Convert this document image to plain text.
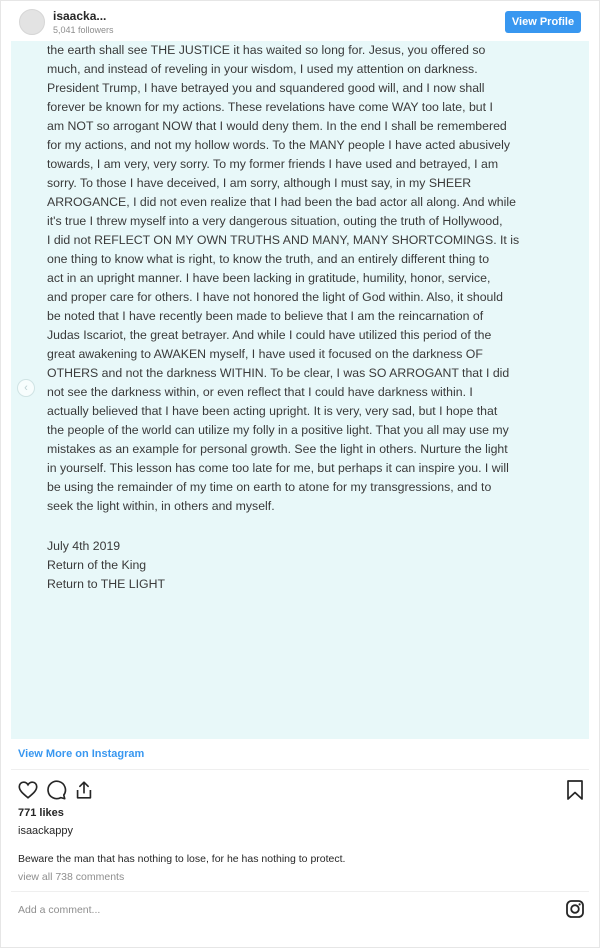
isaacka...
5,041 followers
View Profile

the earth shall see THE JUSTICE it has waited so long for. Jesus, you offered so

much, and instead of reveling in your wisdom, I used my attention on darkness.

President Trump, I have betrayed you and squandered good will, and I now shall

forever be known for my actions. These revelations have come WAY too late, but I

am NOT so arrogant NOW that I would deny them. In the end I shall be remembered

for my actions, and not my hollow words. To the MANY people I have acted abusively

towards, I am very, very sorry. To my former friends I have used and betrayed, I am

sorry. To those I have deceived, I am sorry, although I must say, in my SHEER

ARROGANCE, I did not even realize that I had been the bad actor all along. And while

it's true I threw myself into a very dangerous situation, outing the truth of Hollywood,

I did not REFLECT ON MY OWN TRUTHS AND MANY, MANY SHORTCOMINGS. It is

one thing to know what is right, to know the truth, and an entirely different thing to

act in an upright manner. I have been lacking in gratitude, humility, honor, service,

and proper care for others. I have not honored the light of God within. Also, it should

be noted that I have recently been made to believe that I am the reincarnation of

Judas Iscariot, the great betrayer. And while I could have utilized this period of the

great awakening to AWAKEN myself, I have used it focused on the darkness OF

OTHERS and not the darkness WITHIN. To be clear, I was SO ARROGANT that I did

not see the darkness within, or even reflect that I could have darkness within. I

actually believed that I have been acting upright. It is very, very sad, but I hope that

the people of the world can utilize my folly in a positive light. That you all may use my

mistakes as an example for personal growth. See the light in others. Nurture the light

in yourself. This lesson has come too late for me, but perhaps it can inspire you. I will

be using the remainder of my time on earth to atone for my transgressions, and to

seek the light within, in others and myself.

July 4th 2019

Return of the King

Return to THE LIGHT

‹
View More on Instagram
771 likes
isaackappy
Beware the man that has nothing to lose, for he has nothing to protect.
view all 738 comments
Add a comment...
